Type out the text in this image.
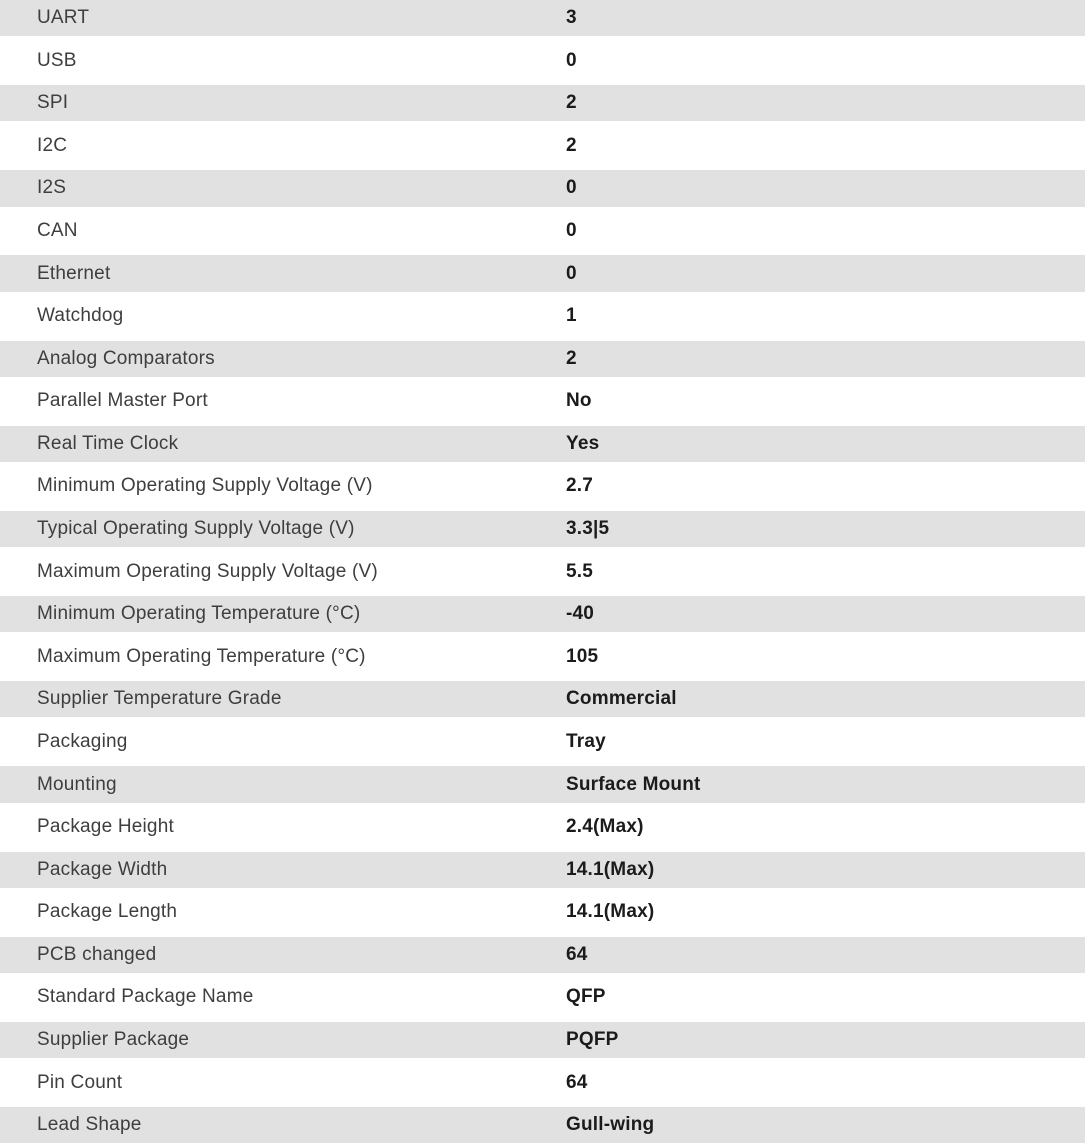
UART	3
USB	0
SPI	2
I2C	2
I2S	0
CAN	0
Ethernet	0
Watchdog	1
Analog Comparators	2
Parallel Master Port	No
Real Time Clock	Yes
Minimum Operating Supply Voltage (V)	2.7
Typical Operating Supply Voltage (V)	3.3|5
Maximum Operating Supply Voltage (V)	5.5
Minimum Operating Temperature (°C)	-40
Maximum Operating Temperature (°C)	105
Supplier Temperature Grade	Commercial
Packaging	Tray
Mounting	Surface Mount
Package Height	2.4(Max)
Package Width	14.1(Max)
Package Length	14.1(Max)
PCB changed	64
Standard Package Name	QFP
Supplier Package	PQFP
Pin Count	64
Lead Shape	Gull-wing
